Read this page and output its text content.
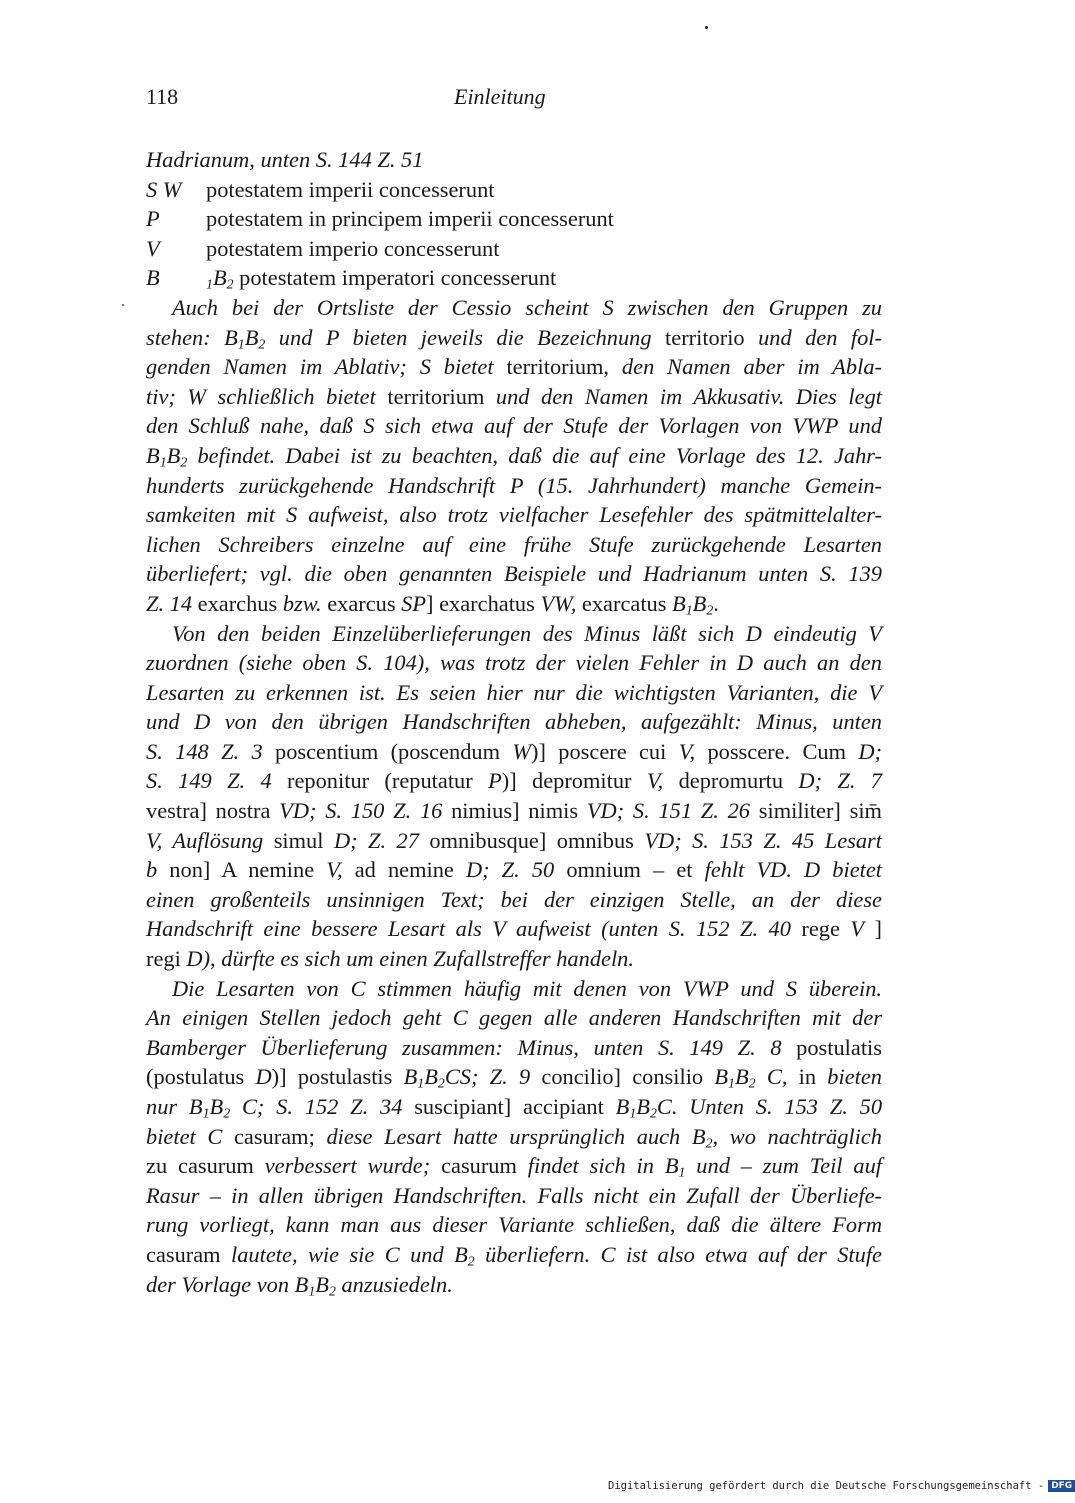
118	Einleitung
Hadrianum, unten S. 144 Z. 51
S W potestatem imperii concesserunt
P potestatem in principem imperii concesserunt
V potestatem imperio concesserunt
B	$_1B_2$ potestatem imperatori concesserunt
Auch bei der Ortsliste der Cessio scheint S zwischen den Gruppen zu
stehen: $B_1B_2$ und P bieten jeweils die Bezeichnung territorio und den fol-
genden Namen im Ablativ; S bietet territorium, den Namen aber im Abla-
tiv; W schließlich bietet territorium und den Namen im Akkusativ. Dies legt
den Schluß nahe, daß S sich etwa auf der Stufe der Vorlagen von VWP und
$B_1B_2$ befindet. Dabei ist zu beachten, daß die auf eine Vorlage des 12. Jahr-
hunderts zurückgehende Handschrift P (15. Jahrhundert) manche Gemein-
samkeiten mit S aufweist, also trotz vielfacher Lesefehler des spätmittelalter-
lichen Schreibers einzelne auf eine frühe Stufe zurückgehende Lesarten
überliefert; vgl. die oben genannten Beispiele und Hadrianum unten S. 139
Z. 14 exarchus bzw. exarcus SP] exarchatus VW, exarcatus $B_1B_2$.
Von den beiden Einzelüberlieferungen des Minus läßt sich D eindeutig V
zuordnen (siehe oben S. 104), was trotz der vielen Fehler in D auch an den
Lesarten zu erkennen ist. Es seien hier nur die wichtigsten Varianten, die V
und D von den übrigen Handschriften abheben, aufgezählt: Minus, unten
S. 148 Z. 3 poscentium (poscendum W)] poscere cui V, posscere. Cum D;
S. 149 Z. 4 reponitur (reputatur P)] depromitur V, depromurtu D; Z. 7
vestra] nostra VD; S. 150 Z. 16 nimius] nimis VD; S. 151 Z. 26 similiter] sim̄
V, Auflösung simul D; Z. 27 omnibusque] omnibus VD; S. 153 Z. 45 Lesart
b non] A nemine V, ad nemine D; Z. 50 omnium – et fehlt VD. D bietet
einen großenteils unsinnigen Text; bei der einzigen Stelle, an der diese
Handschrift eine bessere Lesart als V aufweist (unten S. 152 Z. 40 rege V ]
regi D), dürfte es sich um einen Zufallstreffer handeln.
Die Lesarten von C stimmen häufig mit denen von VWP und S überein.
An einigen Stellen jedoch geht C gegen alle anderen Handschriften mit der
Bamberger Überlieferung zusammen: Minus, unten S. 149 Z. 8 postulatis
(postulatus D)] postulastis $B_1B_2CS$; Z. 9 concilio] consilio $B_1B_2$ C, in bieten
nur $B_1B_2$ C; S. 152 Z. 34 suscipiant] accipiant $B_1B_2C$. Unten S. 153 Z. 50
bietet C casuram; diese Lesart hatte ursprünglich auch $B_2$, wo nachträglich
zu casurum verbessert wurde; casurum findet sich in $B_1$ und – zum Teil auf
Rasur – in allen übrigen Handschriften. Falls nicht ein Zufall der Überliefe-
rung vorliegt, kann man aus dieser Variante schließen, daß die ältere Form
casuram lautete, wie sie C und $B_2$ überliefern. C ist also etwa auf der Stufe
der Vorlage von $B_1B_2$ anzusiedeln.
Digitalisierung gefördert durch die Deutsche Forschungsgemeinschaft - DFG
